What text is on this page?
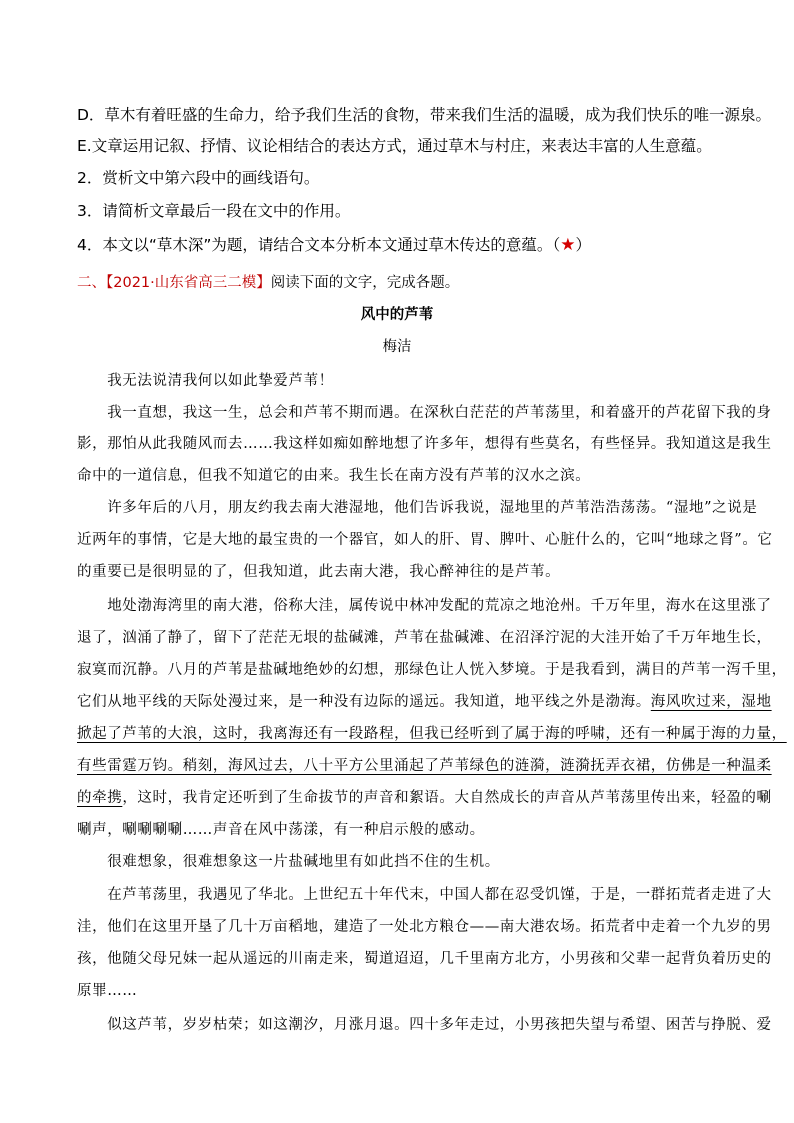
D．草木有着旺盛的生命力，给予我们生活的食物，带来我们生活的温暖，成为我们快乐的唯一源泉。
E.文章运用记叙、抒情、议论相结合的表达方式，通过草木与村庄，来表达丰富的人生意蕴。
2．赏析文中第六段中的画线语句。
3．请简析文章最后一段在文中的作用。
4．本文以“草木深”为题，请结合文本分析本文通过草木传达的意蕴。（★）
二、【2021·山东省高三二模】阅读下面的文字，完成各题。
风中的芦苇
梅洁
　　我无法说清我何以如此挚爱芦苇！
　　我一直想，我这一生，总会和芦苇不期而遇。在深秋白茫茫的芦苇荡里，和着盛开的芦花留下我的身
影，那怕从此我随风而去……我这样如痴如醉地想了许多年，想得有些莫名，有些怪异。我知道这是我生
命中的一道信息，但我不知道它的由来。我生长在南方没有芦苇的汉水之滨。
　　许多年后的八月，朋友约我去南大港湿地，他们告诉我说，湿地里的芦苇浩浩荡荡。“湿地”之说是
近两年的事情，它是大地的最宝贵的一个器官，如人的肝、胃、脾叶、心脏什么的，它叫“地球之肾”。它
的重要已是很明显的了，但我知道，此去南大港，我心醉神往的是芦苇。
　　地处渤海湾里的南大港，俗称大洼，属传说中林冲发配的荒凉之地沧州。千万年里，海水在这里涨了
退了，汹涌了静了，留下了茫茫无垠的盐碱滩，芦苇在盐碱滩、在沼泽泞泥的大洼开始了千万年地生长，
寂寞而沉静。八月的芦苇是盐碱地绝妙的幻想，那绿色让人恍入梦境。于是我看到，满目的芦苇一泻千里，
它们从地平线的天际处漫过来，是一种没有边际的遥远。我知道，地平线之外是渤海。海风吹过来，湿地
掀起了芦苇的大浪，这时，我离海还有一段路程，但我已经听到了属于海的呼啸，还有一种属于海的力量，
有些雷霆万钧。稍刻，海风过去，八十平方公里涌起了芦苇绿色的涟漪，涟漪抚弄衣裙，仿佛是一种温柔
的牵携，这时，我肯定还听到了生命拔节的声音和絮语。大自然成长的声音从芦苇荡里传出来，轻盈的唰
唰声，唰唰唰唰……声音在风中荡漾，有一种启示般的感动。
　　很难想象，很难想象这一片盐碱地里有如此挡不住的生机。
　　在芦苇荡里，我遇见了华北。上世纪五十年代末，中国人都在忍受饥馑，于是，一群拓荒者走进了大
洼，他们在这里开垦了几十万亩稻地，建造了一处北方粮仓——南大港农场。拓荒者中走着一个九岁的男
孩，他随父母兄妹一起从遥远的川南走来，蜀道迢迢，几千里南方北方，小男孩和父辈一起背负着历史的
原罪……
　　似这芦苇，岁岁枯荣；如这潮汐，月涨月退。四十多年走过，小男孩把失望与希望、困苦与挣脱、爱
